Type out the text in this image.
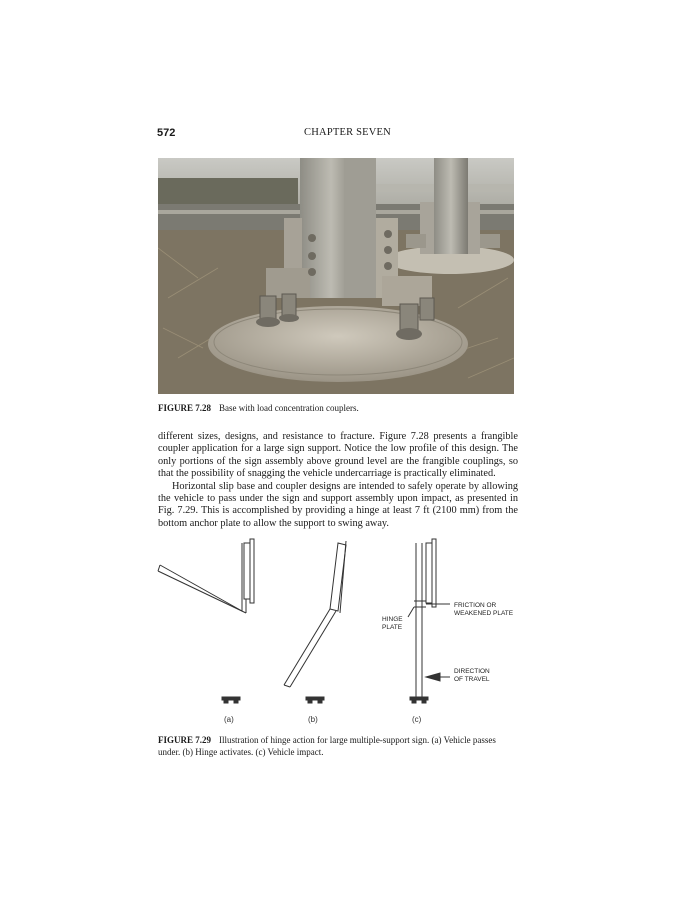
572	CHAPTER SEVEN
FIGURE 7.28 Base with load concentration couplers.

different sizes, designs, and resistance to fracture. Figure 7.28 presents a frangible coupler application for a large sign support. Notice the low profile of this design. The only portions of the sign assembly above ground level are the frangible couplings, so that the possibility of snagging the vehicle undercarriage is practically eliminated.

Horizontal slip base and coupler designs are intended to safely operate by allowing the vehicle to pass under the sign and support assembly upon impact, as presented in Fig. 7.29. This is accomplished by providing a hinge at least 7 ft (2100 mm) from the bottom anchor plate to allow the support to swing away.

FRICTION OR
WEAKENED PLATE
HINGE
PLATE
DIRECTION
OF TRAVEL
(a)	(b)	(c)
FIGURE 7.29 Illustration of hinge action for large multiple-support sign. (a) Vehicle passes under. (b) Hinge activates. (c) Vehicle impact.
